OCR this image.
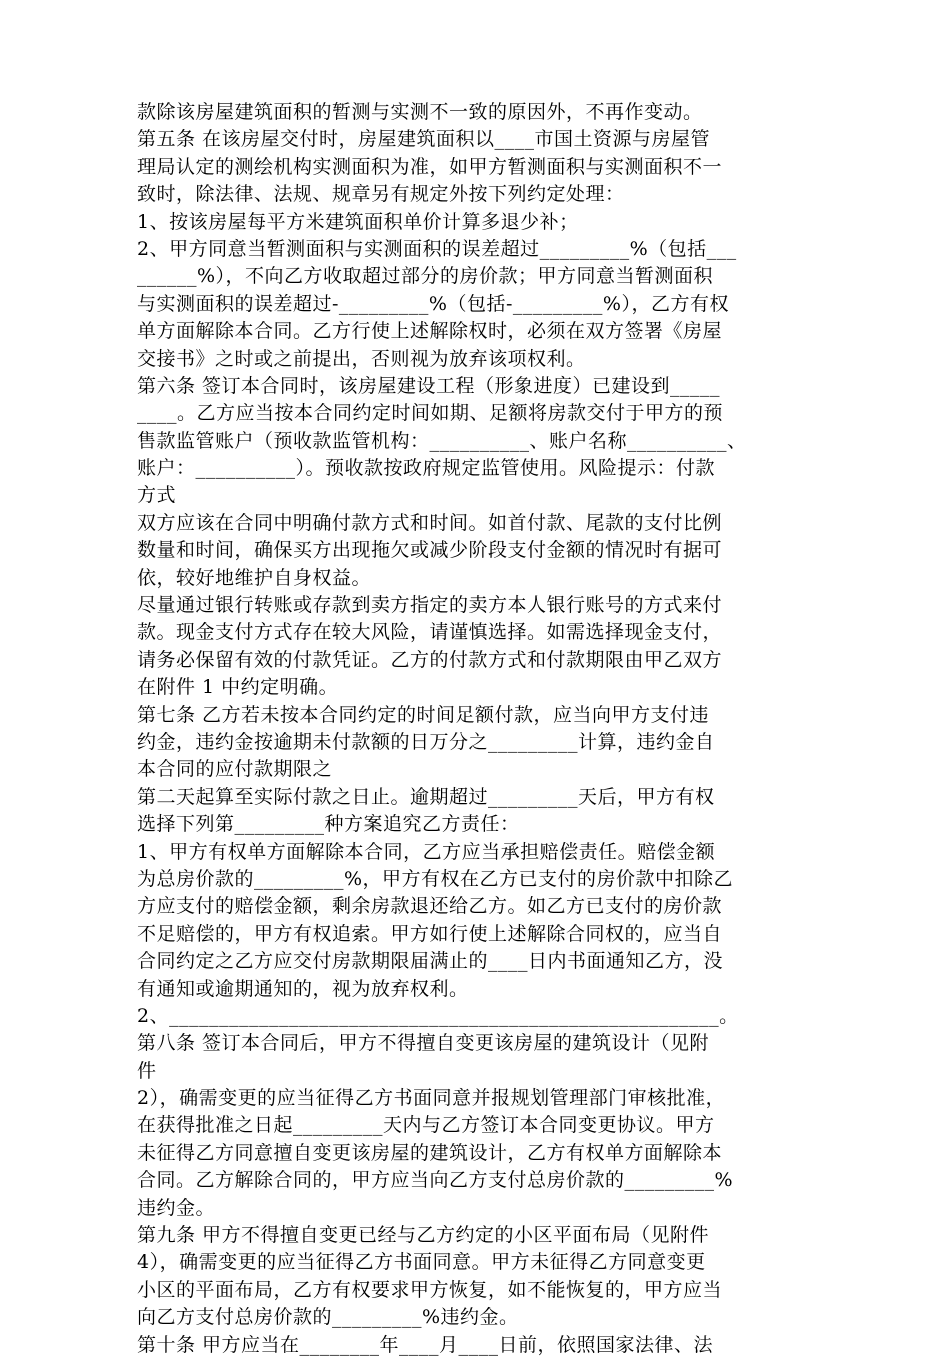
款除该房屋建筑面积的暂测与实测不一致的原因外，不再作变动。
第五条 在该房屋交付时，房屋建筑面积以____市国土资源与房屋管
理局认定的测绘机构实测面积为准，如甲方暂测面积与实测面积不一
致时，除法律、法规、规章另有规定外按下列约定处理：
1、按该房屋每平方米建筑面积单价计算多退少补；
2、甲方同意当暂测面积与实测面积的误差超过_________%（包括___
______%），不向乙方收取超过部分的房价款；甲方同意当暂测面积
与实测面积的误差超过-_________%（包括-_________%），乙方有权
单方面解除本合同。乙方行使上述解除权时，必须在双方签署《房屋
交接书》之时或之前提出，否则视为放弃该项权利。
第六条 签订本合同时，该房屋建设工程（形象进度）已建设到_____
____。乙方应当按本合同约定时间如期、足额将房款交付于甲方的预
售款监管账户（预收款监管机构：__________、账户名称__________、
账户：__________）。预收款按政府规定监管使用。风险提示：付款
方式
双方应该在合同中明确付款方式和时间。如首付款、尾款的支付比例
数量和时间，确保买方出现拖欠或减少阶段支付金额的情况时有据可
依，较好地维护自身权益。
尽量通过银行转账或存款到卖方指定的卖方本人银行账号的方式来付
款。现金支付方式存在较大风险，请谨慎选择。如需选择现金支付，
请务必保留有效的付款凭证。乙方的付款方式和付款期限由甲乙双方
在附件 1 中约定明确。
第七条 乙方若未按本合同约定的时间足额付款，应当向甲方支付违
约金，违约金按逾期未付款额的日万分之_________计算，违约金自
本合同的应付款期限之
第二天起算至实际付款之日止。逾期超过_________天后，甲方有权
选择下列第_________种方案追究乙方责任：
1、甲方有权单方面解除本合同，乙方应当承担赔偿责任。赔偿金额
为总房价款的_________%，甲方有权在乙方已支付的房价款中扣除乙
方应支付的赔偿金额，剩余房款退还给乙方。如乙方已支付的房价款
不足赔偿的，甲方有权追索。甲方如行使上述解除合同权的，应当自
合同约定之乙方应交付房款期限届满止的____日内书面通知乙方，没
有通知或逾期通知的，视为放弃权利。
2、_______________________________________________________。
第八条 签订本合同后，甲方不得擅自变更该房屋的建筑设计（见附
件
2），确需变更的应当征得乙方书面同意并报规划管理部门审核批准，
在获得批准之日起_________天内与乙方签订本合同变更协议。甲方
未征得乙方同意擅自变更该房屋的建筑设计，乙方有权单方面解除本
合同。乙方解除合同的，甲方应当向乙方支付总房价款的_________%
违约金。
第九条 甲方不得擅自变更已经与乙方约定的小区平面布局（见附件
4），确需变更的应当征得乙方书面同意。甲方未征得乙方同意变更
小区的平面布局，乙方有权要求甲方恢复，如不能恢复的，甲方应当
向乙方支付总房价款的_________%违约金。
第十条 甲方应当在________年____月____日前，依照国家法律、法
